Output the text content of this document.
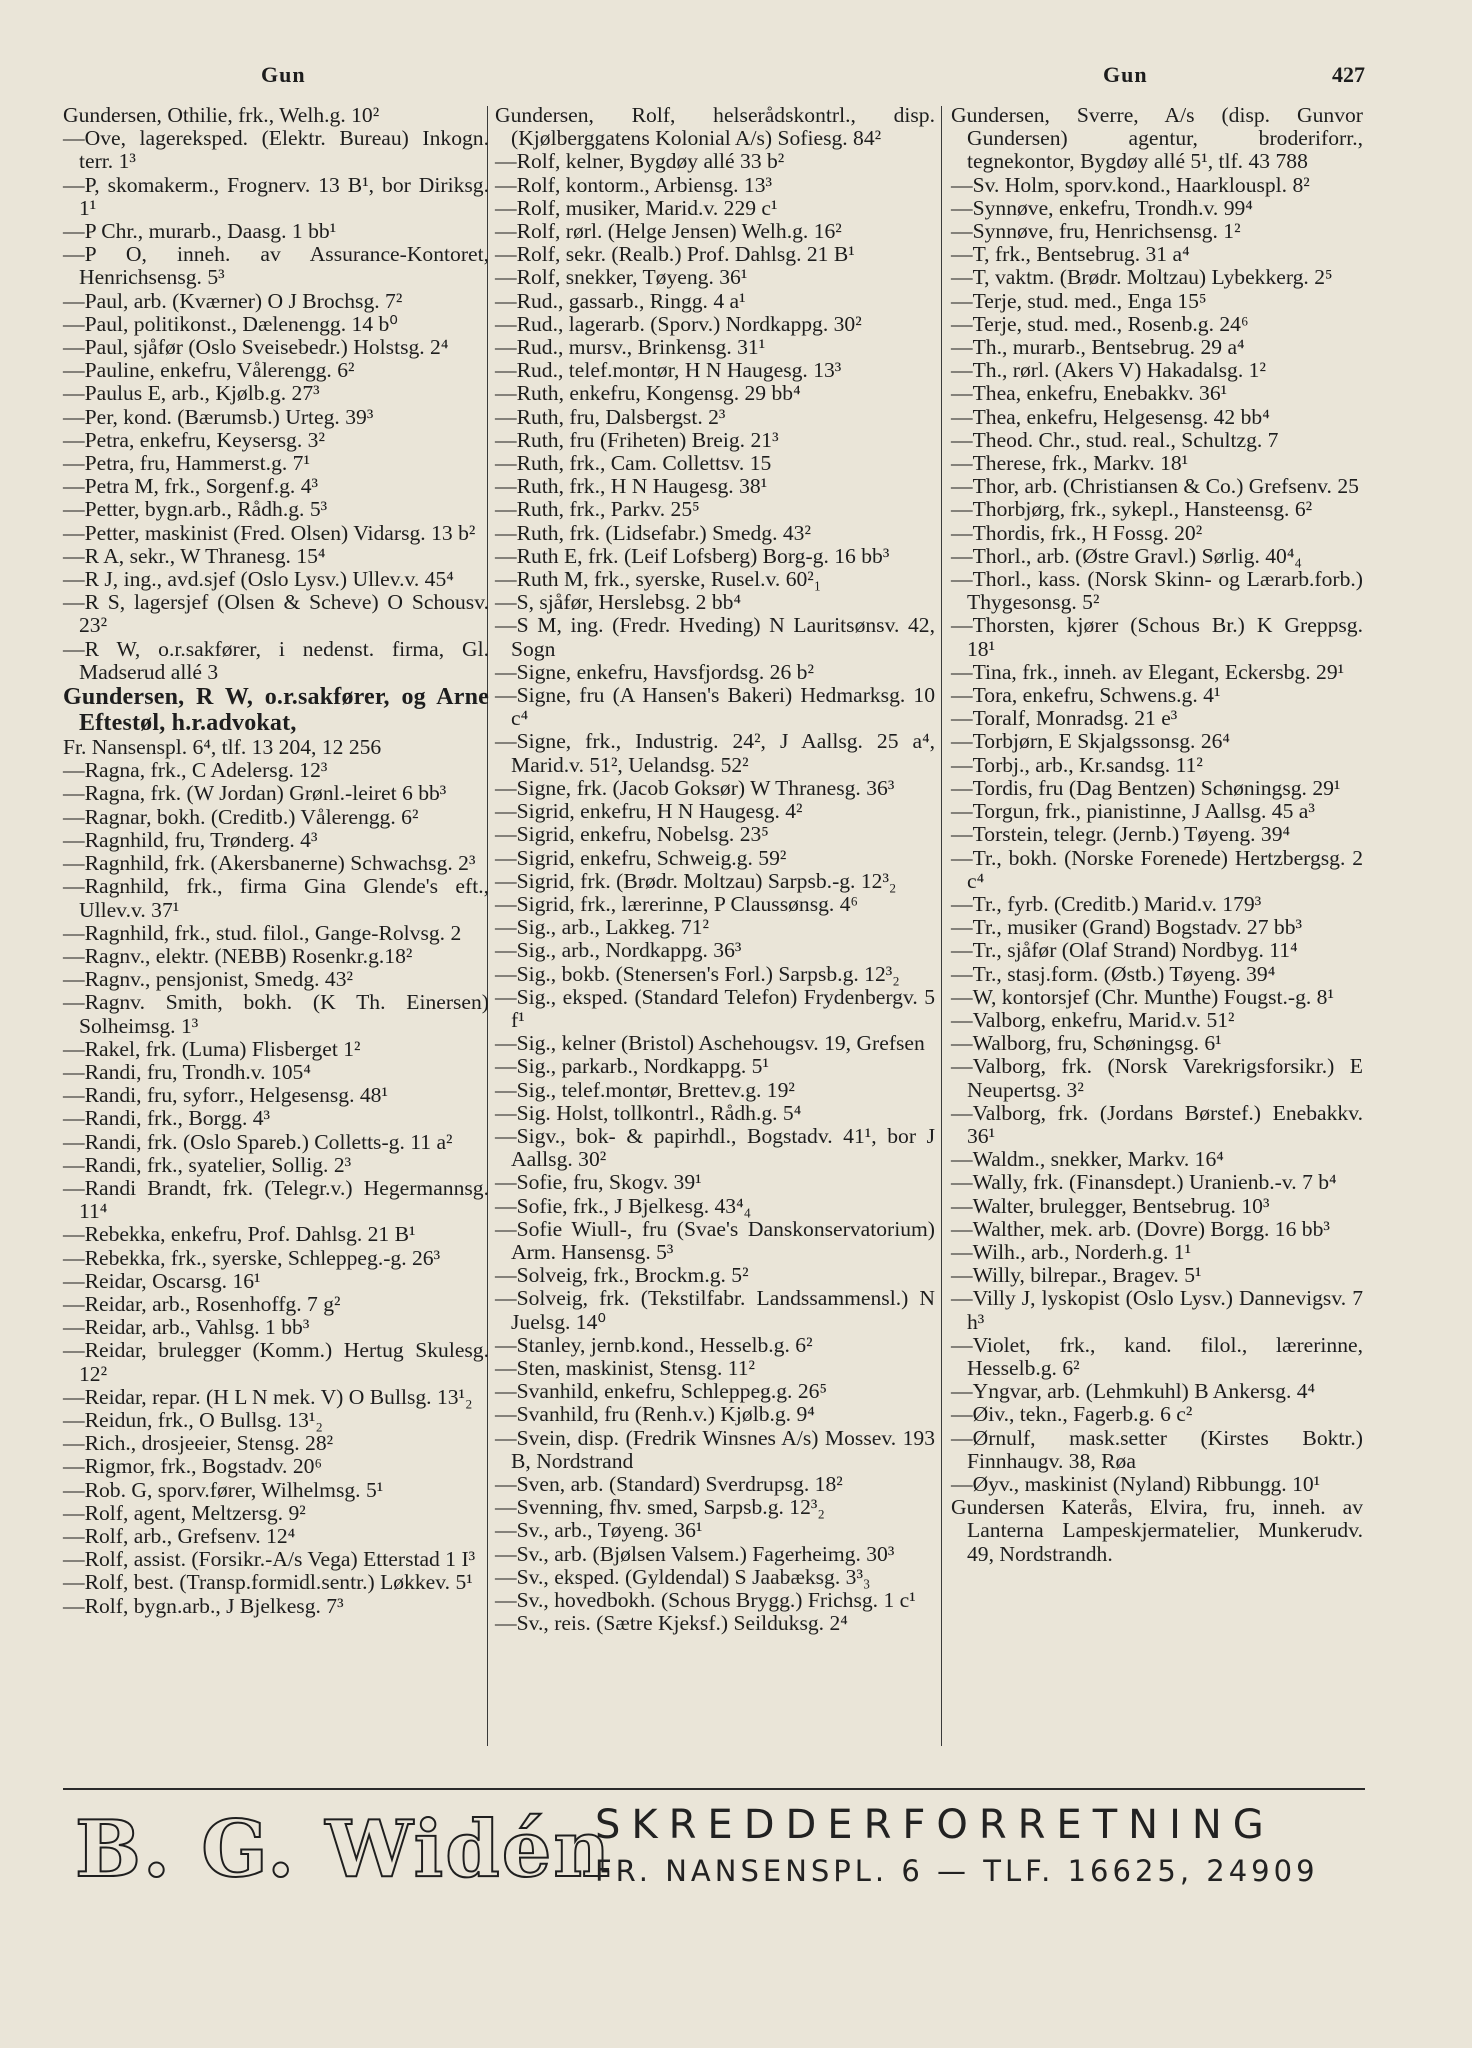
Gun	Gun	427
Gundersen, Othilie, frk., Welh.g. 10²
—Ove, lagereksped. (Elektr. Bureau) Inkogn. terr. 1³
—P, skomakerm., Frognerv. 13 B¹, bor Diriksg. 1¹
—P Chr., murarb., Daasg. 1 bb¹
—P O, inneh. av Assurance-Kontoret, Henrichsensg. 5³
—Paul, arb. (Kværner) O J Brochsg. 7²
—Paul, politikonst., Dælenengg. 14 b⁰
—Paul, sjåfør (Oslo Sveisebedr.) Holstsg. 2⁴
—Pauline, enkefru, Vålerengg. 6²
—Paulus E, arb., Kjølb.g. 27³
—Per, kond. (Bærumsb.) Urteg. 39³
—Petra, enkefru, Keysersg. 3²
—Petra, fru, Hammerst.g. 7¹
—Petra M, frk., Sorgenf.g. 4³
—Petter, bygn.arb., Rådh.g. 5³
—Petter, maskinist (Fred. Olsen) Vidarsg. 13 b²
—R A, sekr., W Thranesg. 15⁴
—R J, ing., avd.sjef (Oslo Lysv.) Ullev.v. 45⁴
—R S, lagersjef (Olsen & Scheve) O Schousv. 23²
—R W, o.r.sakfører, i nedenst. firma, Gl. Madserud allé 3
Gundersen, R W, o.r.sakfører, og Arne Eftestøl, h.r.advokat,
Fr. Nansenspl. 6⁴, tlf. 13 204, 12 256
—Ragna, frk., C Adelersg. 12³
—Ragna, frk. (W Jordan) Grønl.-leiret 6 bb³
—Ragnar, bokh. (Creditb.) Vålerengg. 6²
—Ragnhild, fru, Trønderg. 4³
—Ragnhild, frk. (Akersbanerne) Schwachsg. 2³
—Ragnhild, frk., firma Gina Glende's eft., Ullev.v. 37¹
—Ragnhild, frk., stud. filol., Gange-Rolvsg. 2
—Ragnv., elektr. (NEBB) Rosenkr.g.18²
—Ragnv., pensjonist, Smedg. 43²
—Ragnv. Smith, bokh. (K Th. Einersen) Solheimsg. 1³
—Rakel, frk. (Luma) Flisberget 1²
—Randi, fru, Trondh.v. 105⁴
—Randi, fru, syforr., Helgesensg. 48¹
—Randi, frk., Borgg. 4³
—Randi, frk. (Oslo Spareb.) Colletts-g. 11 a²
—Randi, frk., syatelier, Sollig. 2³
—Randi Brandt, frk. (Telegr.v.) Hegermannsg. 11⁴
—Rebekka, enkefru, Prof. Dahlsg. 21 B¹
—Rebekka, frk., syerske, Schleppeg.-g. 26³
—Reidar, Oscarsg. 16¹
—Reidar, arb., Rosenhoffg. 7 g²
—Reidar, arb., Vahlsg. 1 bb³
—Reidar, brulegger (Komm.) Hertug Skulesg. 12²
—Reidar, repar. (H L N mek. V) O Bullsg. 13¹₂
—Reidun, frk., O Bullsg. 13¹₂
—Rich., drosjeeier, Stensg. 28²
—Rigmor, frk., Bogstadv. 20⁶
—Rob. G, sporv.fører, Wilhelmsg. 5¹
—Rolf, agent, Meltzersg. 9²
—Rolf, arb., Grefsenv. 12⁴
—Rolf, assist. (Forsikr.-A/s Vega) Etterstad 1 I³
—Rolf, best. (Transp.formidl.sentr.) Løkkev. 5¹
—Rolf, bygn.arb., J Bjelkesg. 7³
Gundersen, Rolf, helserådskontrl., disp. (Kjølberggatens Kolonial A/s) Sofiesg. 84²
—Rolf, kelner, Bygdøy allé 33 b²
—Rolf, kontorm., Arbiensg. 13³
—Rolf, musiker, Marid.v. 229 c¹
—Rolf, rørl. (Helge Jensen) Welh.g. 16²
—Rolf, sekr. (Realb.) Prof. Dahlsg. 21 B¹
—Rolf, snekker, Tøyeng. 36¹
—Rud., gassarb., Ringg. 4 a¹
—Rud., lagerarb. (Sporv.) Nordkappg. 30²
—Rud., mursv., Brinkensg. 31¹
—Rud., telef.montør, H N Haugesg. 13³
—Ruth, enkefru, Kongensg. 29 bb⁴
—Ruth, fru, Dalsbergst. 2³
—Ruth, fru (Friheten) Breig. 21³
—Ruth, frk., Cam. Collettsv. 15
—Ruth, frk., H N Haugesg. 38¹
—Ruth, frk., Parkv. 25⁵
—Ruth, frk. (Lidsefabr.) Smedg. 43²
—Ruth E, frk. (Leif Lofsberg) Borg-g. 16 bb³
—Ruth M, frk., syerske, Rusel.v. 60²₁
—S, sjåfør, Herslebsg. 2 bb⁴
—S M, ing. (Fredr. Hveding) N Lauritsønsv. 42, Sogn
—Signe, enkefru, Havsfjordsg. 26 b²
—Signe, fru (A Hansen's Bakeri) Hedmarksg. 10 c⁴
—Signe, frk., Industrig. 24², J Aallsg. 25 a⁴, Marid.v. 51², Uelandsg. 52²
—Signe, frk. (Jacob Goksør) W Thranesg. 36³
—Sigrid, enkefru, H N Haugesg. 4²
—Sigrid, enkefru, Nobelsg. 23⁵
—Sigrid, enkefru, Schweig.g. 59²
—Sigrid, frk. (Brødr. Moltzau) Sarpsb.-g. 12³₂
—Sigrid, frk., lærerinne, P Claussønsg. 4⁶
—Sig., arb., Lakkeg. 71²
—Sig., arb., Nordkappg. 36³
—Sig., bokb. (Stenersen's Forl.) Sarpsb.g. 12³₂
—Sig., eksped. (Standard Telefon) Frydenbergv. 5 f¹
—Sig., kelner (Bristol) Aschehougsv. 19, Grefsen
—Sig., parkarb., Nordkappg. 5¹
—Sig., telef.montør, Brettev.g. 19²
—Sig. Holst, tollkontrl., Rådh.g. 5⁴
—Sigv., bok- & papirhdl., Bogstadv. 41¹, bor J Aallsg. 30²
—Sofie, fru, Skogv. 39¹
—Sofie, frk., J Bjelkesg. 43⁴₄
—Sofie Wiull-, fru (Svae's Danskonservatorium) Arm. Hansensg. 5³
—Solveig, frk., Brockm.g. 5²
—Solveig, frk. (Tekstilfabr. Landssammensl.) N Juelsg. 14⁰
—Stanley, jernb.kond., Hesselb.g. 6²
—Sten, maskinist, Stensg. 11²
—Svanhild, enkefru, Schleppeg.g. 26⁵
—Svanhild, fru (Renh.v.) Kjølb.g. 9⁴
—Svein, disp. (Fredrik Winsnes A/s) Mossev. 193 B, Nordstrand
—Sven, arb. (Standard) Sverdrupsg. 18²
—Svenning, fhv. smed, Sarpsb.g. 12³₂
—Sv., arb., Tøyeng. 36¹
—Sv., arb. (Bjølsen Valsem.) Fagerheimg. 30³
—Sv., eksped. (Gyldendal) S Jaabæksg. 3³₃
—Sv., hovedbokh. (Schous Brygg.) Frichsg. 1 c¹
—Sv., reis. (Sætre Kjeksf.) Seilduksg. 2⁴
Gundersen, Sverre, A/s (disp. Gunvor Gundersen) agentur, broderiforr., tegnekontor, Bygdøy allé 5¹, tlf. 43 788
—Sv. Holm, sporv.kond., Haarklouspl. 8²
—Synnøve, enkefru, Trondh.v. 99⁴
—Synnøve, fru, Henrichsensg. 1²
—T, frk., Bentsebrug. 31 a⁴
—T, vaktm. (Brødr. Moltzau) Lybekkerg. 2⁵
—Terje, stud. med., Enga 15⁵
—Terje, stud. med., Rosenb.g. 24⁶
—Th., murarb., Bentsebrug. 29 a⁴
—Th., rørl. (Akers V) Hakadalsg. 1²
—Thea, enkefru, Enebakkv. 36¹
—Thea, enkefru, Helgesensg. 42 bb⁴
—Theod. Chr., stud. real., Schultzg. 7
—Therese, frk., Markv. 18¹
—Thor, arb. (Christiansen & Co.) Grefsenv. 25
—Thorbjørg, frk., sykepl., Hansteensg. 6²
—Thordis, frk., H Fossg. 20²
—Thorl., arb. (Østre Gravl.) Sørlig. 40⁴₄
—Thorl., kass. (Norsk Skinn- og Lærarb.forb.) Thygesonsg. 5²
—Thorsten, kjører (Schous Br.) K Greppsg. 18¹
—Tina, frk., inneh. av Elegant, Eckersbg. 29¹
—Tora, enkefru, Schwens.g. 4¹
—Toralf, Monradsg. 21 e³
—Torbjørn, E Skjalgssonsg. 26⁴
—Torbj., arb., Kr.sandsg. 11²
—Tordis, fru (Dag Bentzen) Schøningsg. 29¹
—Torgun, frk., pianistinne, J Aallsg. 45 a³
—Torstein, telegr. (Jernb.) Tøyeng. 39⁴
—Tr., bokh. (Norske Forenede) Hertzbergsg. 2 c⁴
—Tr., fyrb. (Creditb.) Marid.v. 179³
—Tr., musiker (Grand) Bogstadv. 27 bb³
—Tr., sjåfør (Olaf Strand) Nordbyg. 11⁴
—Tr., stasj.form. (Østb.) Tøyeng. 39⁴
—W, kontorsjef (Chr. Munthe) Fougst.-g. 8¹
—Valborg, enkefru, Marid.v. 51²
—Walborg, fru, Schøningsg. 6¹
—Valborg, frk. (Norsk Varekrigsforsikr.) E Neupertsg. 3²
—Valborg, frk. (Jordans Børstef.) Enebakkv. 36¹
—Waldm., snekker, Markv. 16⁴
—Wally, frk. (Finansdept.) Uranienb.-v. 7 b⁴
—Walter, brulegger, Bentsebrug. 10³
—Walther, mek. arb. (Dovre) Borgg. 16 bb³
—Wilh., arb., Norderh.g. 1¹
—Willy, bilrepar., Bragev. 5¹
—Villy J, lyskopist (Oslo Lysv.) Dannevigsv. 7 h³
—Violet, frk., kand. filol., lærerinne, Hesselb.g. 6²
—Yngvar, arb. (Lehmkuhl) B Ankersg. 4⁴
—Øiv., tekn., Fagerb.g. 6 c²
—Ørnulf, mask.setter (Kirstes Boktr.) Finnhaugv. 38, Røa
—Øyv., maskinist (Nyland) Ribbungg. 10¹
Gundersen Katerås, Elvira, fru, inneh. av Lanterna Lampeskjermatelier, Munkerudv. 49, Nordstrandh.
B. G. Widén
SKREDDERFORRETNING
FR. NANSENSPL. 6 — TLF. 16625, 24909
